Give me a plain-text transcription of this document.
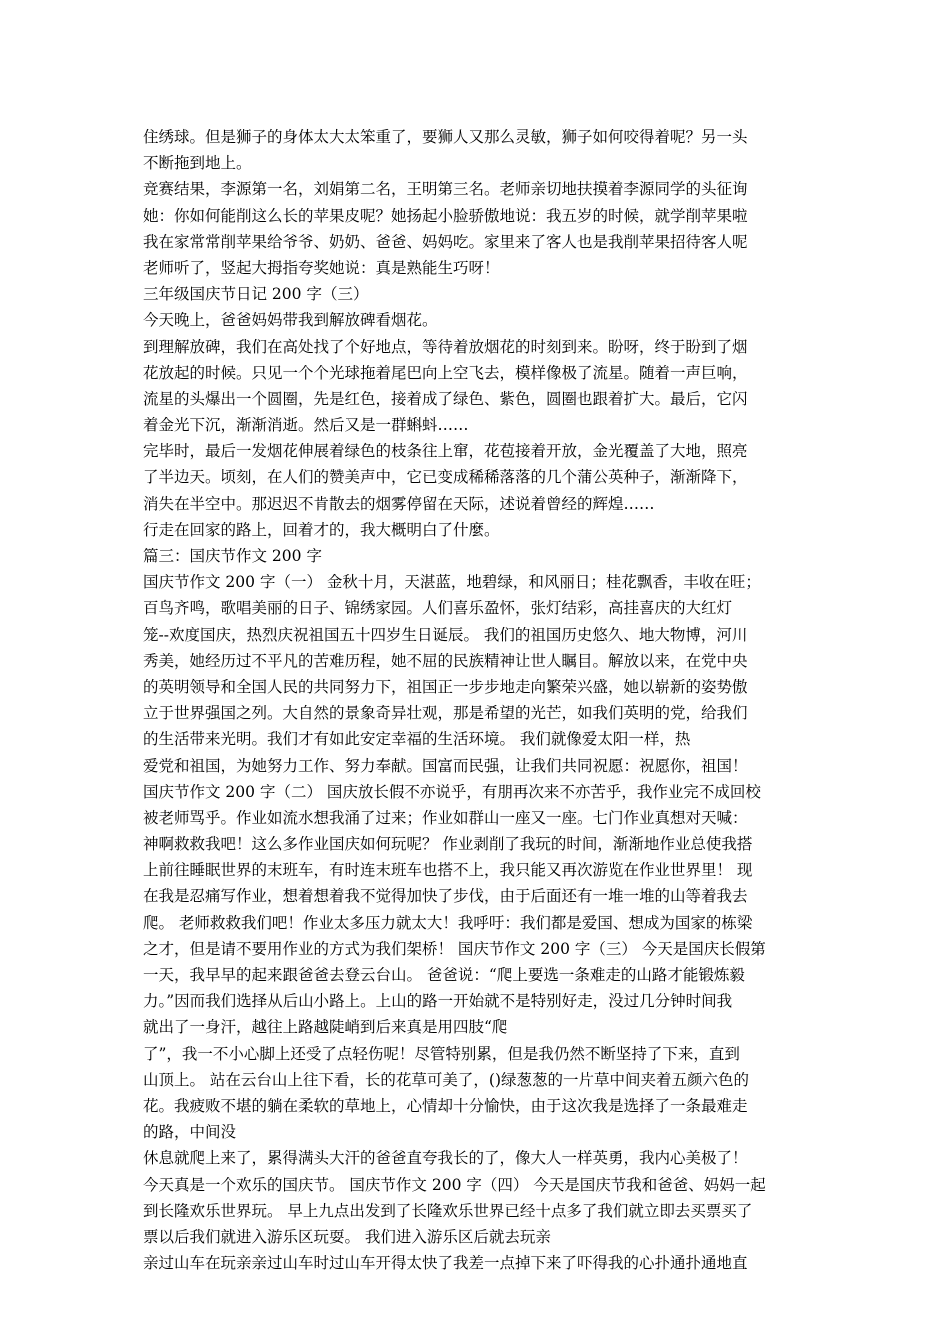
住绣球。但是狮子的身体太大太笨重了，要狮人又那么灵敏，狮子如何咬得着呢？另一头
不断拖到地上。
竞赛结果，李源第一名，刘娟第二名，王明第三名。老师亲切地扶摸着李源同学的头征询
她：你如何能削这么长的苹果皮呢？她扬起小脸骄傲地说：我五岁的时候，就学削苹果啦
我在家常常削苹果给爷爷、奶奶、爸爸、妈妈吃。家里来了客人也是我削苹果招待客人呢
老师听了，竖起大拇指夸奖她说：真是熟能生巧呀！
三年级国庆节日记 200 字（三）
今天晚上，爸爸妈妈带我到解放碑看烟花。
到理解放碑，我们在高处找了个好地点，等待着放烟花的时刻到来。盼呀，终于盼到了烟
花放起的时候。只见一个个光球拖着尾巴向上空飞去，模样像极了流星。随着一声巨响，
流星的头爆出一个圆圈，先是红色，接着成了绿色、紫色，圆圈也跟着扩大。最后，它闪
着金光下沉，渐渐消逝。然后又是一群蝌蚪……
完毕时，最后一发烟花伸展着绿色的枝条往上窜，花苞接着开放，金光覆盖了大地，照亮
了半边天。顷刻，在人们的赞美声中，它已变成稀稀落落的几个蒲公英种子，渐渐降下，
消失在半空中。那迟迟不肯散去的烟雾停留在天际，述说着曾经的辉煌……
行走在回家的路上，回着才的，我大概明白了什麼。
篇三：国庆节作文 200 字
国庆节作文 200 字（一） 金秋十月，天湛蓝，地碧绿，和风丽日；桂花飘香，丰收在旺；
百鸟齐鸣，歌唱美丽的日子、锦绣家园。人们喜乐盈怀，张灯结彩，高挂喜庆的大红灯
笼--欢度国庆，热烈庆祝祖国五十四岁生日诞辰。 我们的祖国历史悠久、地大物博，河川
秀美，她经历过不平凡的苦难历程，她不屈的民族精神让世人瞩目。解放以来，在党中央
的英明领导和全国人民的共同努力下，祖国正一步步地走向繁荣兴盛，她以崭新的姿势傲
立于世界强国之列。大自然的景象奇异壮观，那是希望的光芒，如我们英明的党，给我们
的生活带来光明。我们才有如此安定幸福的生活环境。 我们就像爱太阳一样，热
爱党和祖国，为她努力工作、努力奉献。国富而民强，让我们共同祝愿：祝愿你，祖国！
国庆节作文 200 字（二） 国庆放长假不亦说乎，有朋再次来不亦苦乎，我作业完不成回校
被老师骂乎。作业如流水想我涌了过来；作业如群山一座又一座。七门作业真想对天喊：
神啊救救我吧！这么多作业国庆如何玩呢？ 作业剥削了我玩的时间，渐渐地作业总使我搭
上前往睡眠世界的末班车，有时连末班车也搭不上，我只能又再次游览在作业世界里！ 现
在我是忍痛写作业，想着想着我不觉得加快了步伐，由于后面还有一堆一堆的山等着我去
爬。 老师救救我们吧！作业太多压力就太大！我呼吁：我们都是爱国、想成为国家的栋梁
之才，但是请不要用作业的方式为我们架桥！ 国庆节作文 200 字（三） 今天是国庆长假第
一天，我早早的起来跟爸爸去登云台山。 爸爸说：“爬上要选一条难走的山路才能锻炼毅
力。”因而我们选择从后山小路上。上山的路一开始就不是特别好走，没过几分钟时间我
就出了一身汗，越往上路越陡峭到后来真是用四肢“爬
了”，我一不小心脚上还受了点轻伤呢！尽管特别累，但是我仍然不断坚持了下来，直到
山顶上。 站在云台山上往下看，长的花草可美了，()绿葱葱的一片草中间夹着五颜六色的
花。我疲败不堪的躺在柔软的草地上，心情却十分愉快，由于这次我是选择了一条最难走
的路，中间没
休息就爬上来了，累得满头大汗的爸爸直夸我长的了，像大人一样英勇，我内心美极了！
今天真是一个欢乐的国庆节。 国庆节作文 200 字（四） 今天是国庆节我和爸爸、妈妈一起
到长隆欢乐世界玩。 早上九点出发到了长隆欢乐世界已经十点多了我们就立即去买票买了
票以后我们就进入游乐区玩耍。 我们进入游乐区后就去玩亲
亲过山车在玩亲亲过山车时过山车开得太快了我差一点掉下来了吓得我的心扑通扑通地直
